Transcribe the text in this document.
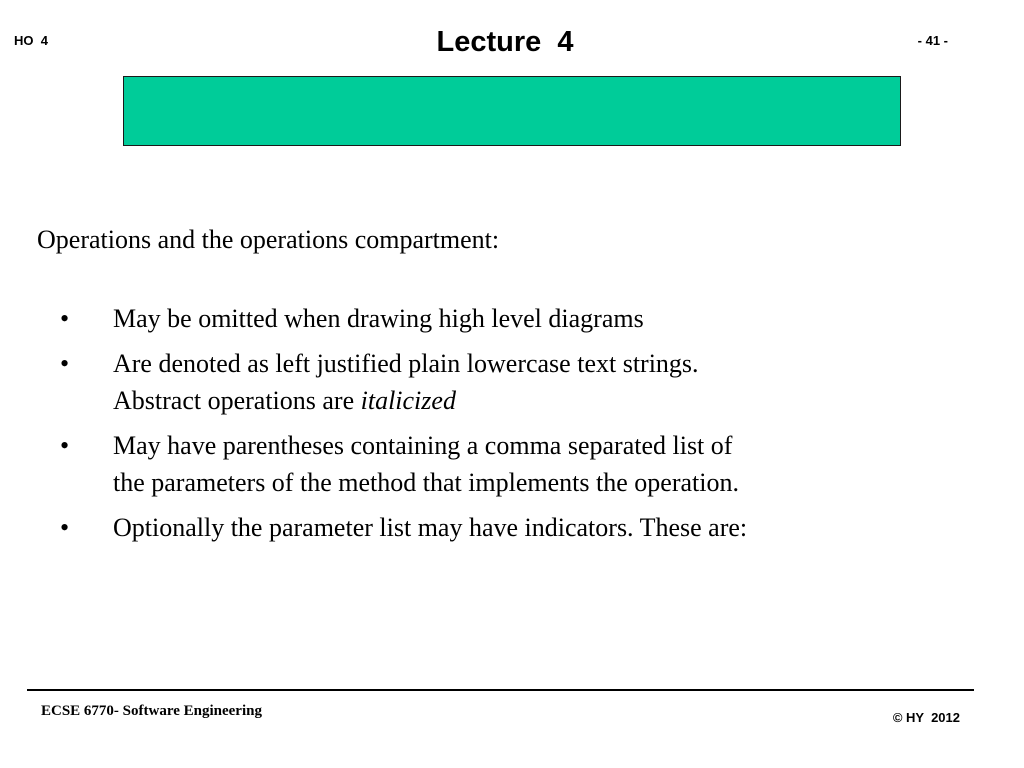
HO  4	Lecture  4	- 41 -
Operations and the operations compartment:
•	May be omitted when drawing high level diagrams
•	Are denoted as left justified plain lowercase text strings.
Abstract operations are italicized
•	May have parentheses containing a comma separated list of
the parameters of the method that implements the operation.
•	Optionally the parameter list may have indicators. These are:
ECSE 6770- Software Engineering	© HY  2012
